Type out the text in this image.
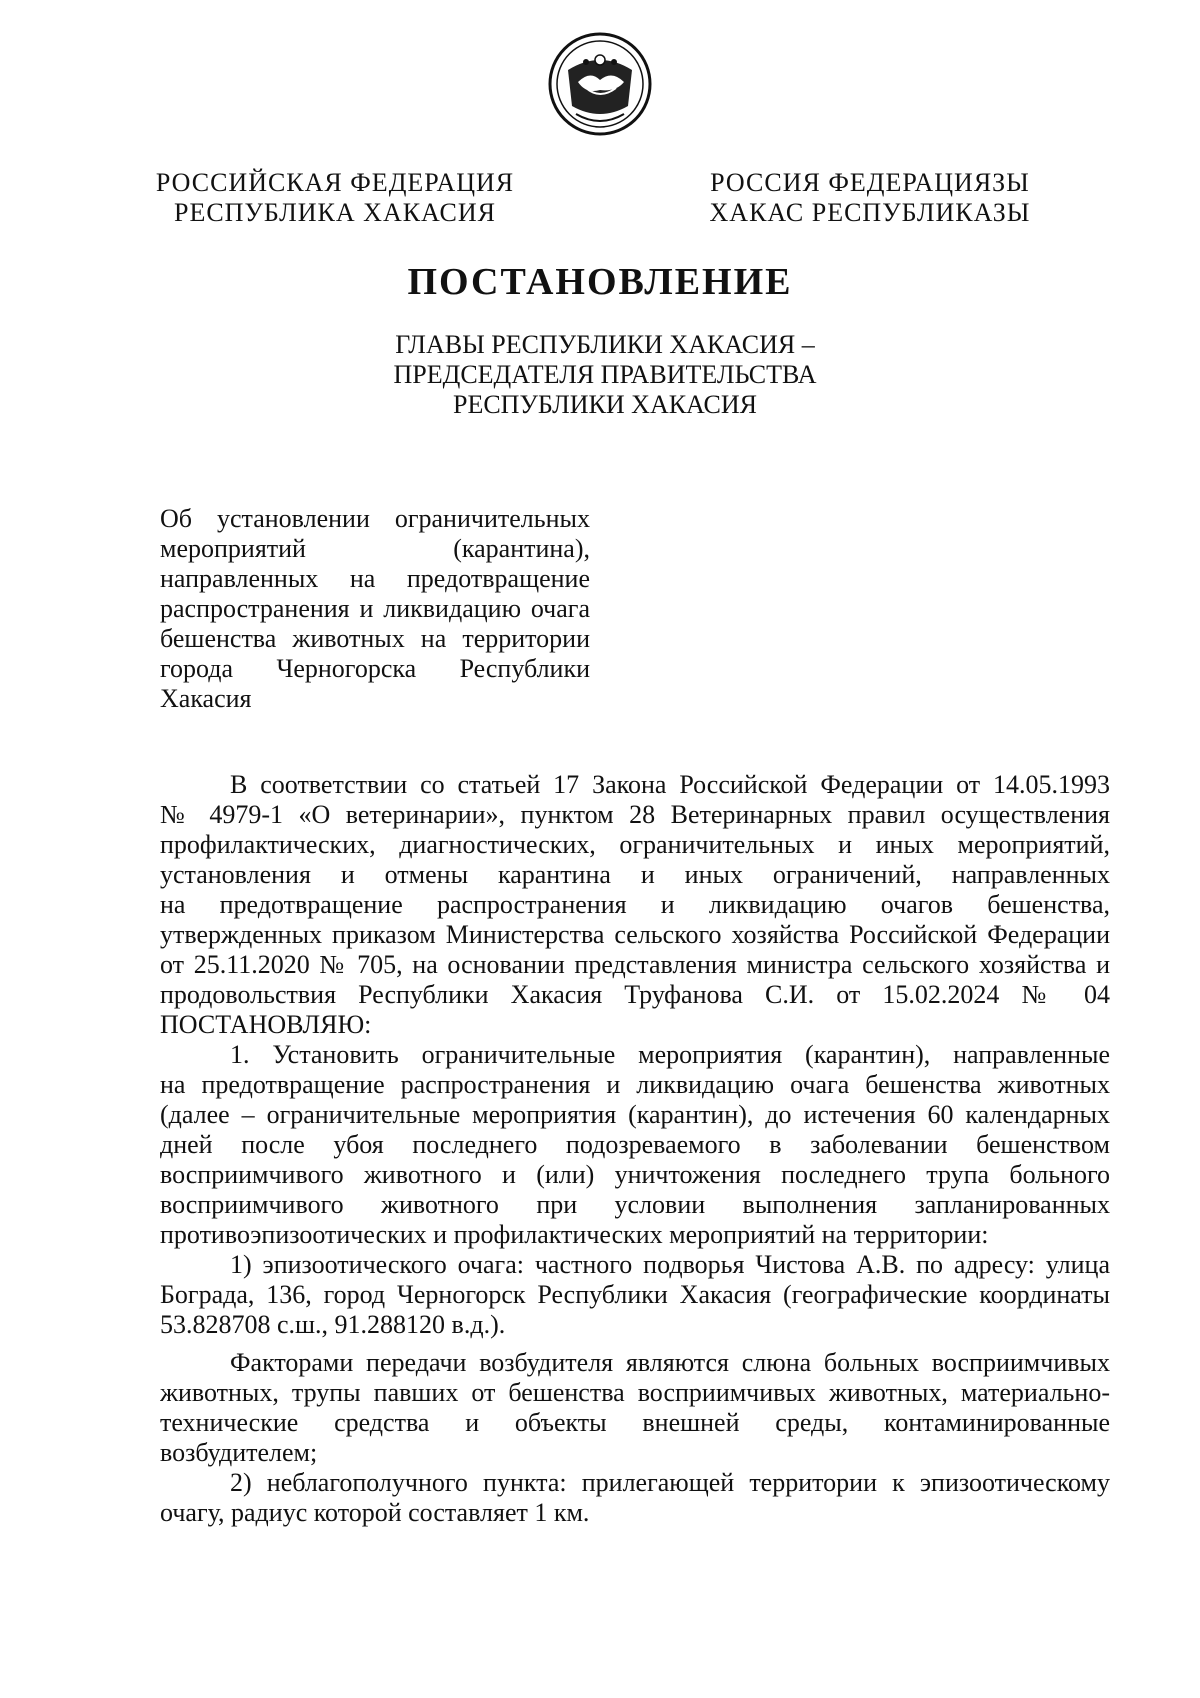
РОССИЙСКАЯ ФЕДЕРАЦИЯ
РЕСПУБЛИКА ХАКАСИЯ
РОССИЯ ФЕДЕРАЦИЯЗЫ
ХАКАС РЕСПУБЛИКАЗЫ
ПОСТАНОВЛЕНИЕ
ГЛАВЫ РЕСПУБЛИКИ ХАКАСИЯ –
ПРЕДСЕДАТЕЛЯ ПРАВИТЕЛЬСТВА
РЕСПУБЛИКИ ХАКАСИЯ
Об установлении ограничительных
мероприятий (карантина),
направленных на предотвращение
распространения и ликвидацию очага
бешенства животных на территории
города Черногорска Республики
Хакасия
В соответствии со статьей 17 Закона Российской Федерации от 14.05.1993
№ 4979-1 «О ветеринарии», пунктом 28 Ветеринарных правил осуществления
профилактических, диагностических, ограничительных и иных мероприятий,
установления и отмены карантина и иных ограничений, направленных
на предотвращение распространения и ликвидацию очагов бешенства,
утвержденных приказом Министерства сельского хозяйства Российской Федерации
от 25.11.2020 № 705, на основании представления министра сельского хозяйства и
продовольствия Республики Хакасия Труфанова С.И. от 15.02.2024 № 04
ПОСТАНОВЛЯЮ:
1. Установить ограничительные мероприятия (карантин), направленные
на предотвращение распространения и ликвидацию очага бешенства животных
(далее – ограничительные мероприятия (карантин), до истечения 60 календарных
дней после убоя последнего подозреваемого в заболевании бешенством
восприимчивого животного и (или) уничтожения последнего трупа больного
восприимчивого животного при условии выполнения запланированных
противоэпизоотических и профилактических мероприятий на территории:
1) эпизоотического очага: частного подворья Чистова А.В. по адресу: улица
Бограда, 136, город Черногорск Республики Хакасия (географические координаты
53.828708 с.ш., 91.288120 в.д.).
Факторами передачи возбудителя являются слюна больных восприимчивых
животных, трупы павших от бешенства восприимчивых животных, материально-
технические средства и объекты внешней среды, контаминированные
возбудителем;
2) неблагополучного пункта: прилегающей территории к эпизоотическому
очагу, радиус которой составляет 1 км.
